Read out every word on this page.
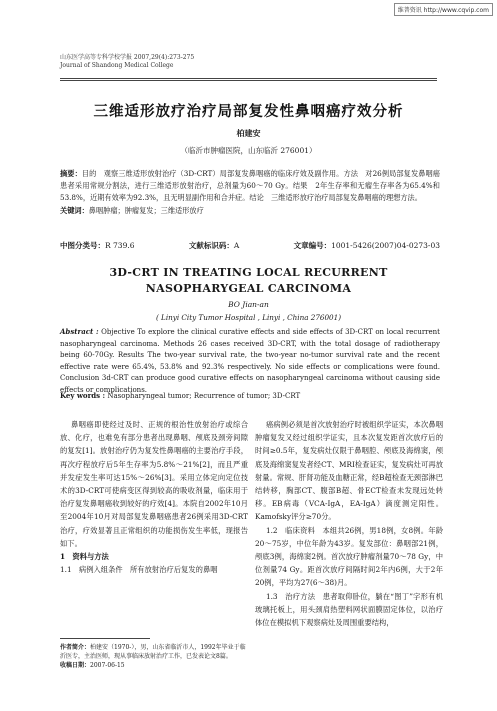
维普资讯 http://www.cqvip.com
山东医学高等专科学校学报 2007,29(4):273-275
Journal of Shandong Medical College
三维适形放疗治疗局部复发性鼻咽癌疗效分析
柏建安
（临沂市肿瘤医院，山东临沂 276001）
摘要：目的　观察三维适形放射治疗（3D-CRT）局部复发鼻咽癌的临床疗效及副作用。方法　对26例局部复发鼻咽癌患者采用常规分割法，进行三维适形放射治疗，总剂量为60～70 Gy。结果　2年生存率和无瘤生存率各为65.4%和53.8%，近期有效率为92.3%，且无明显副作用和合并症。结论　三维适形放疗治疗局部复发鼻咽癌的理想方法。
关键词：鼻咽肿瘤；肿瘤复发；三维适形放疗
中图分类号：R 739.6	文献标识码：A	文章编号：1001-5426(2007)04-0273-03
3D-CRT IN TREATING LOCAL RECURRENT
NASOPHARYGEAL CARCINOMA
BO Jian-an
( Linyi City Tumor Hospital , Linyi , China 276001)
Abstract : Objective To explore the clinical curative effects and side effects of 3D-CRT on local recurrent nasopharyngeal carcinoma. Methods 26 cases received 3D-CRT, with the total dosage of radiotherapy being 60-70Gy. Results The two-year survival rate, the two-year no-tumor survival rate and the recent effective rate were 65.4%, 53.8% and 92.3% respectively. No side effects or complications were found. Conclusion 3d-CRT can produce good curative effects on nasopharyngeal carcinoma without causing side effects or complications.
Key words : Nasopharyngeal tumor; Recurrence of tumor; 3D-CRT

鼻咽癌即使经过及时、正规的根治性放射治疗或综合放、化疗，也难免有部分患者出现鼻咽、颅底及颈旁间隙的复发[1]。放射治疗仍为复发性鼻咽癌的主要治疗手段，再次疗程放疗后5年生存率为5.8%～21%[2]，而且严重并发症发生率可达15%～26%[3]。采用立体定向定位技术的3D-CRT可使病变区得到较高的吸收剂量，临床用于治疗复发鼻咽癌收到较好的疗效[4]。本院自2002年10月至2004年10月对局部复发鼻咽癌患者26例采用3D-CRT治疗，疗效显著且正常组织的功能损伤发生率低，现报告如下。

1　资料与方法

1.1　病例入组条件　所有放射治疗后复发的鼻咽

作者简介：柏建安（1970-），男，山东省临沂市人，1992年毕业于临沂医专，主治医师，现从事临床放射治疗工作，已发表论文8篇。
收稿日期：2007-06-15

癌病例必须是首次放射治疗时被组织学证实，本次鼻咽肿瘤复发又经过组织学证实，且本次复发距首次放疗后的时间≥0.5年，复发病灶仅限于鼻咽腔、颅底及海绵窦，颅底及海绵窦复发者经CT、MRI检查证实，复发病灶可再放射量。常规、肝肾功能及血糖正常，经B超检查无颈部淋巴结转移，胸部CT、腹部B超、骨ECT检查未发现远处转移。EB病毒（VCA-IgA，EA-IgA）滴度测定阳性。Kamofsky评分≥70分。

1.2　临床资料　本组共26例，男18例，女8例。年龄20～75岁，中位年龄为43岁。复发部位：鼻咽部21例，颅底3例，海绵窦2例。首次放疗肿瘤剂量70～78 Gy，中位剂量74 Gy。距首次放疗间隔时间2年内6例，大于2年20例，平均为27(6～38)月。

1.3　治疗方法　患者取仰卧位，躺在“图丁”字形有机玻璃托板上，用头颈肩热塑料网状面膜固定体位，以治疗体位在模拟机下观察病灶及周围重要结构，
